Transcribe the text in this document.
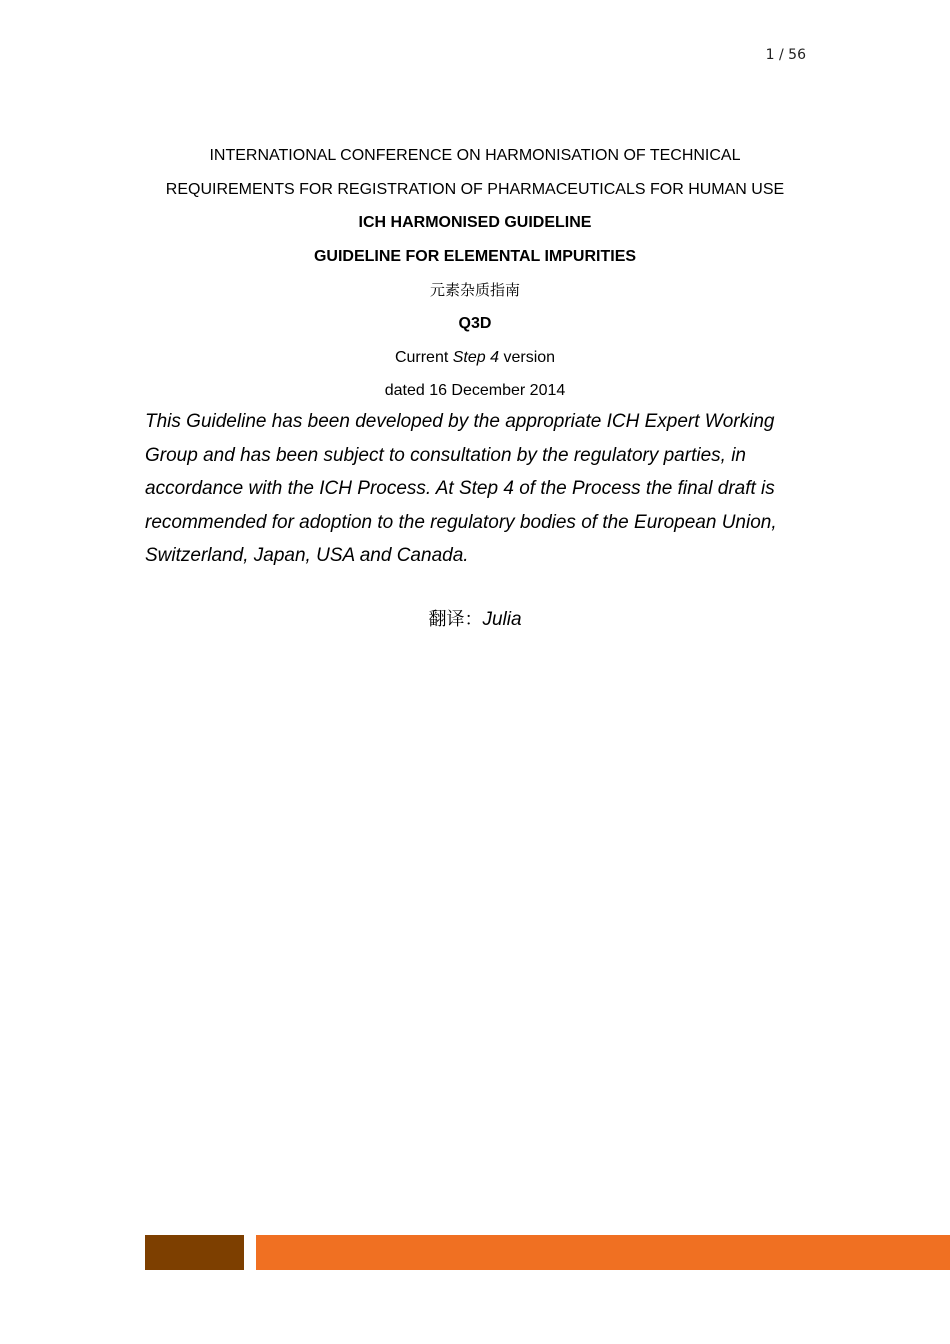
1 / 56
INTERNATIONAL CONFERENCE ON HARMONISATION OF TECHNICAL
REQUIREMENTS FOR REGISTRATION OF PHARMACEUTICALS FOR HUMAN USE
ICH HARMONISED GUIDELINE
GUIDELINE FOR ELEMENTAL IMPURITIES
元素杂质指南
Q3D
Current Step 4 version
dated 16 December 2014
This Guideline has been developed by the appropriate ICH Expert Working Group and has been subject to consultation by the regulatory parties, in accordance with the ICH Process. At Step 4 of the Process the final draft is recommended for adoption to the regulatory bodies of the European Union, Switzerland, Japan, USA and Canada.
翻译：Julia
